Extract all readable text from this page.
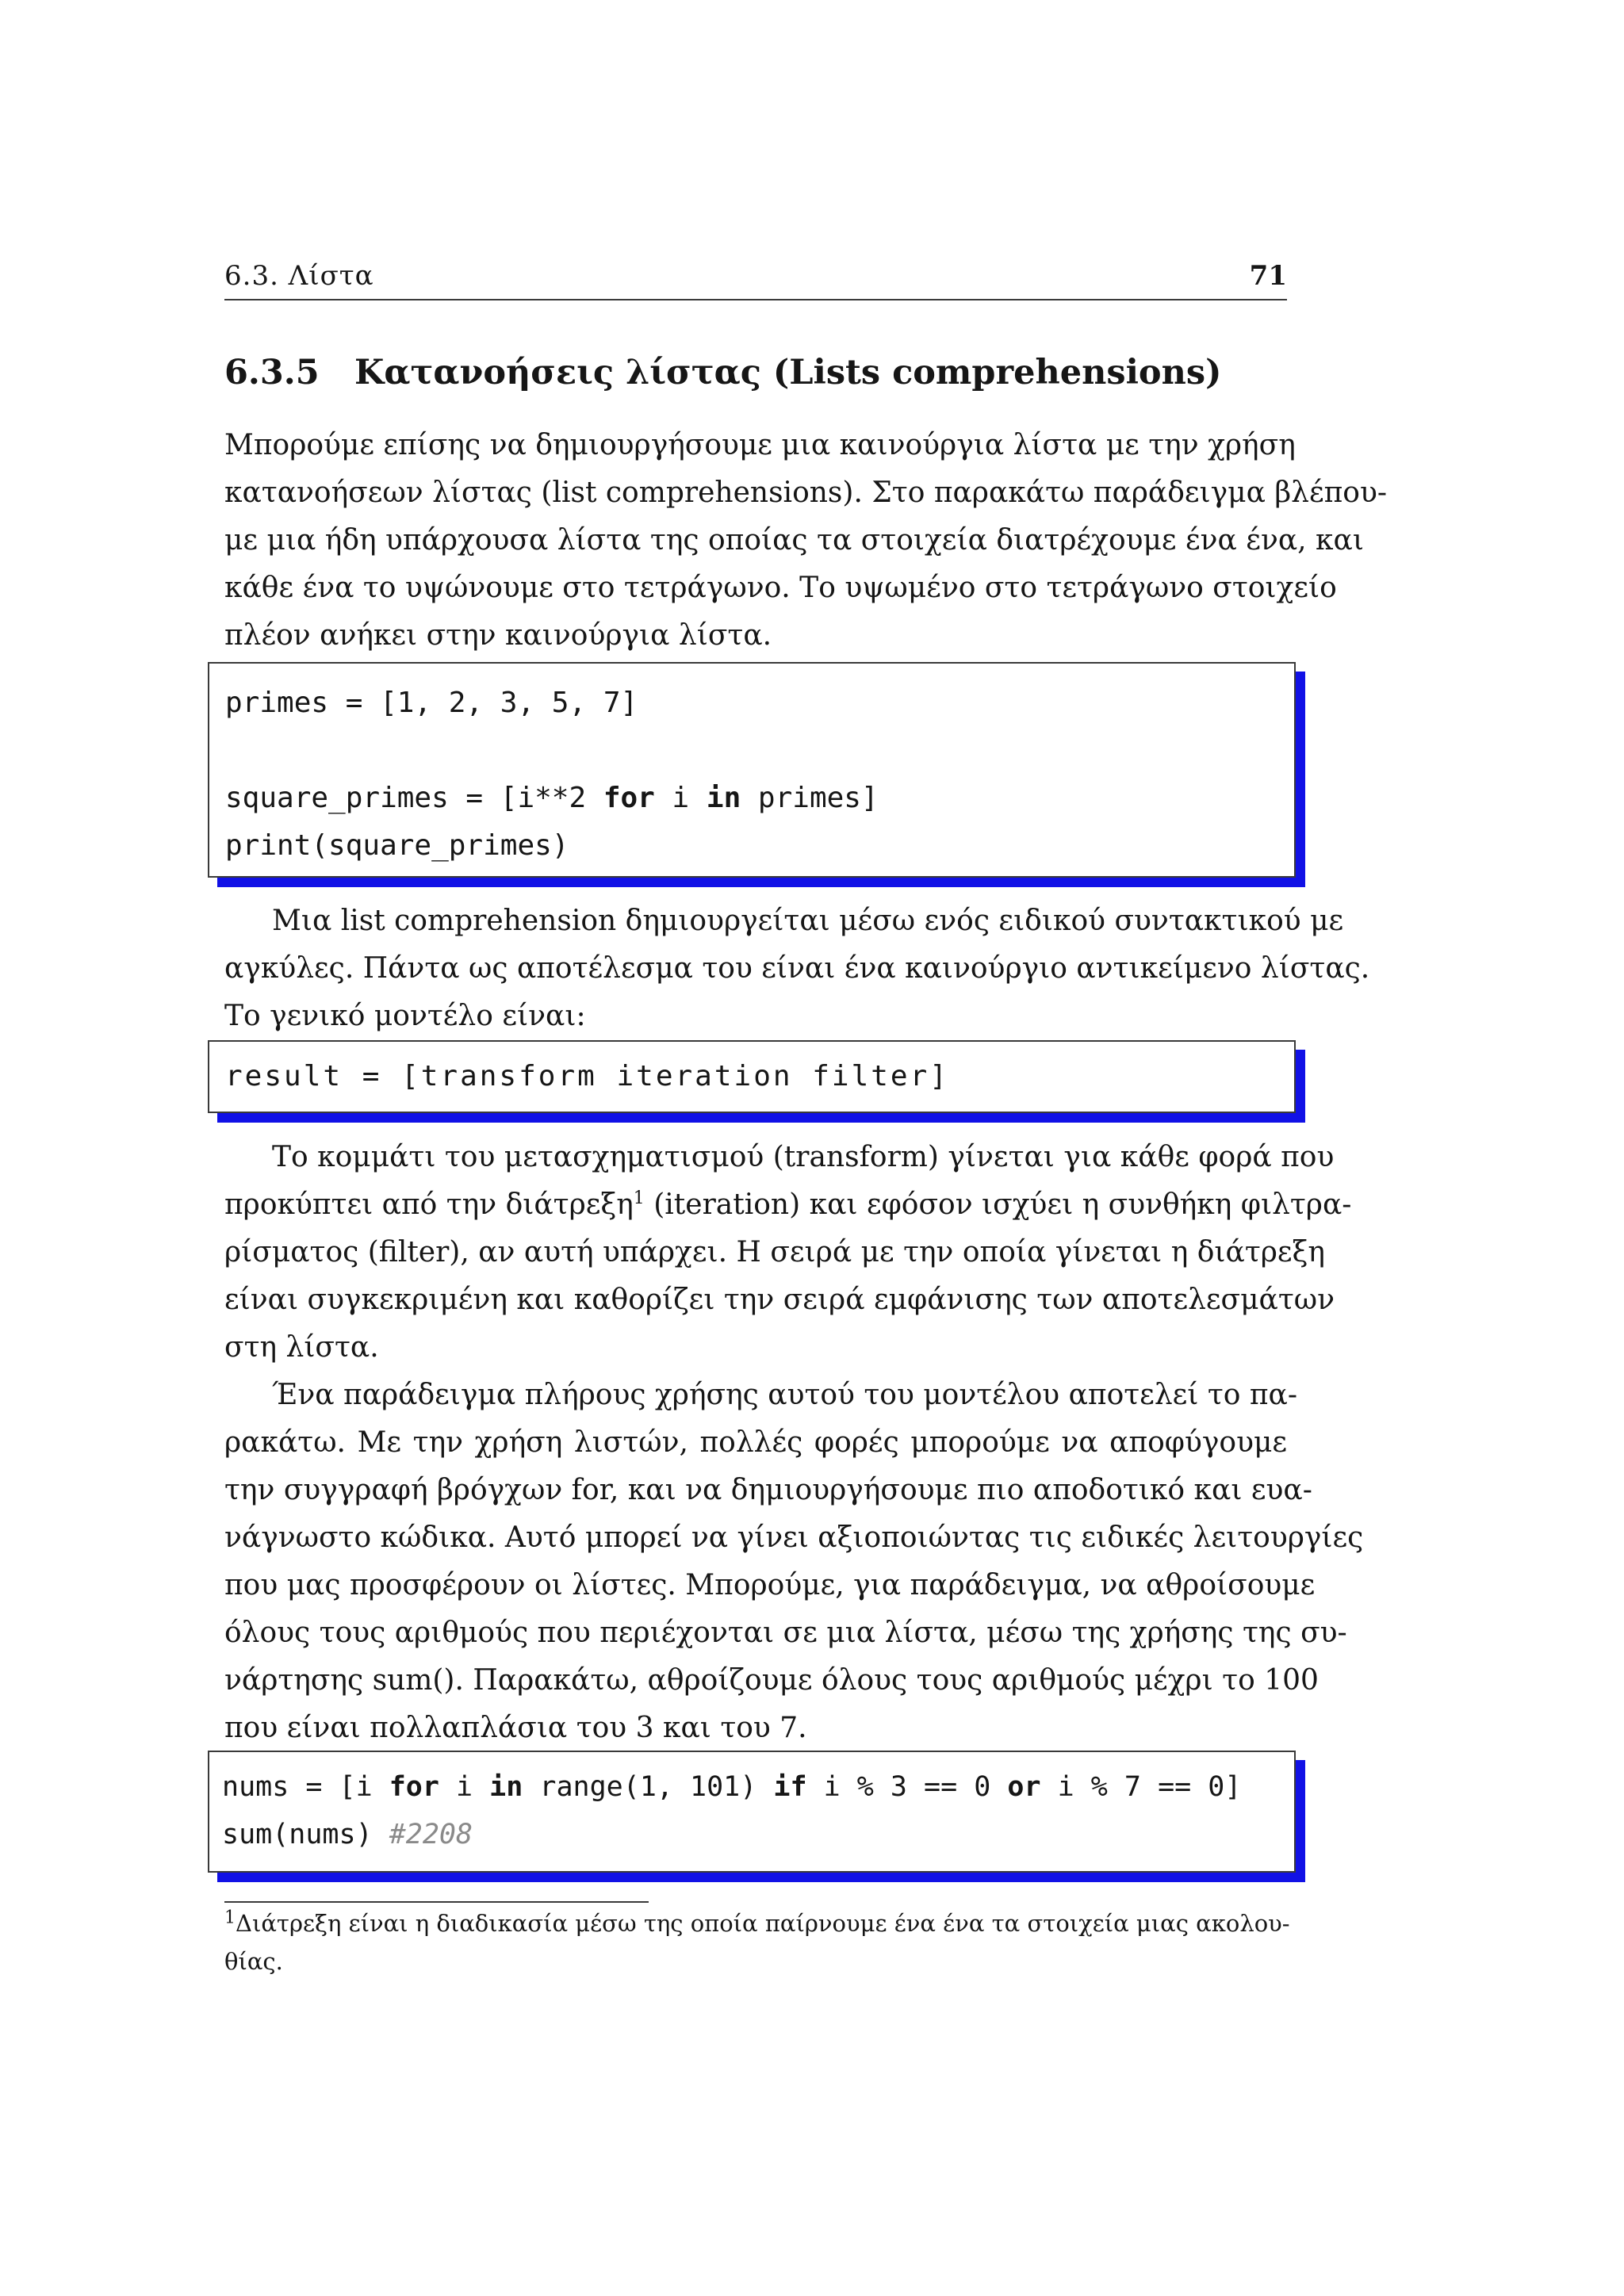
6.3. Λίστα	71
6.3.5 Κατανοήσεις λίστας (Lists comprehensions)
Μπορούμε επίσης να δημιουργήσουμε μια καινούργια λίστα με την χρήση
κατανοήσεων λίστας (list comprehensions). Στο παρακάτω παράδειγμα βλέπου-
με μια ήδη υπάρχουσα λίστα της οποίας τα στοιχεία διατρέχουμε ένα ένα, και
κάθε ένα το υψώνουμε στο τετράγωνο. Το υψωμένο στο τετράγωνο στοιχείο
πλέον ανήκει στην καινούργια λίστα.
primes = [1, 2, 3, 5, 7]
square_primes = [i**2 for i in primes]
print(square_primes)
Μια list comprehension δημιουργείται μέσω ενός ειδικού συντακτικού με
αγκύλες. Πάντα ως αποτέλεσμα του είναι ένα καινούργιο αντικείμενο λίστας.
Το γενικό μοντέλο είναι:
result = [transform iteration filter]
Το κομμάτι του μετασχηματισμού (transform) γίνεται για κάθε φορά που
προκύπτει από την διάτρεξη$^1$ (iteration) και εφόσον ισχύει η συνθήκη φιλτρα-
ρίσματος (filter), αν αυτή υπάρχει. Η σειρά με την οποία γίνεται η διάτρεξη
είναι συγκεκριμένη και καθορίζει την σειρά εμφάνισης των αποτελεσμάτων
στη λίστα.
Ένα παράδειγμα πλήρους χρήσης αυτού του μοντέλου αποτελεί το πα-
ρακάτω. Με την χρήση λιστών, πολλές φορές μπορούμε να αποφύγουμε
την συγγραφή βρόγχων for, και να δημιουργήσουμε πιο αποδοτικό και ευα-
νάγνωστο κώδικα. Αυτό μπορεί να γίνει αξιοποιώντας τις ειδικές λειτουργίες
που μας προσφέρουν οι λίστες. Μπορούμε, για παράδειγμα, να αθροίσουμε
όλους τους αριθμούς που περιέχονται σε μια λίστα, μέσω της χρήσης της συ-
νάρτησης sum(). Παρακάτω, αθροίζουμε όλους τους αριθμούς μέχρι το 100
που είναι πολλαπλάσια του 3 και του 7.
nums = [i for i in range(1, 101) if i % 3 == 0 or i % 7 == 0]
sum(nums) #2208
$^1$Διάτρεξη είναι η διαδικασία μέσω της οποία παίρνουμε ένα ένα τα στοιχεία μιας ακολου-
θίας.
